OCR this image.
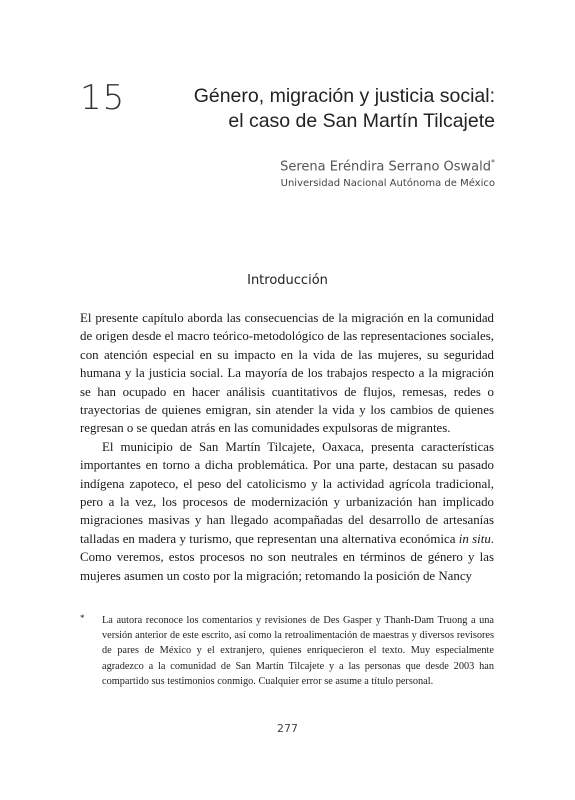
15	Género, migración y justicia social:
el caso de San Martín Tilcajete
Serena Eréndira Serrano Oswald*
Universidad Nacional Autónoma de México
Introducción

El presente capítulo aborda las consecuencias de la migración en la comunidad de origen desde el macro teórico-metodológico de las representaciones sociales, con atención especial en su impacto en la vida de las mujeres, su seguridad humana y la justicia social. La mayoría de los trabajos respecto a la migración se han ocupado en hacer análisis cuantitativos de flujos, remesas, redes o trayectorias de quienes emigran, sin atender la vida y los cambios de quienes regresan o se quedan atrás en las comunidades expulsoras de migrantes.

El municipio de San Martín Tilcajete, Oaxaca, presenta características importantes en torno a dicha problemática. Por una parte, destacan su pasado indígena zapoteco, el peso del catolicismo y la actividad agrícola tradicional, pero a la vez, los procesos de modernización y urbanización han implicado migraciones masivas y han llegado acompañadas del desarrollo de artesanías talladas en madera y turismo, que representan una alternativa económica in situ. Como veremos, estos procesos no son neutrales en términos de género y las mujeres asumen un costo por la migración; retomando la posición de Nancy

*	La autora reconoce los comentarios y revisiones de Des Gasper y Thanh-Dam Truong a una versión anterior de este escrito, así como la retroalimentación de maestras y diversos revisores de pares de México y el extranjero, quienes enriquecieron el texto. Muy especialmente agradezco a la comunidad de San Martín Tilcajete y a las personas que desde 2003 han compartido sus testimonios conmigo. Cualquier error se asume a título personal.
277
